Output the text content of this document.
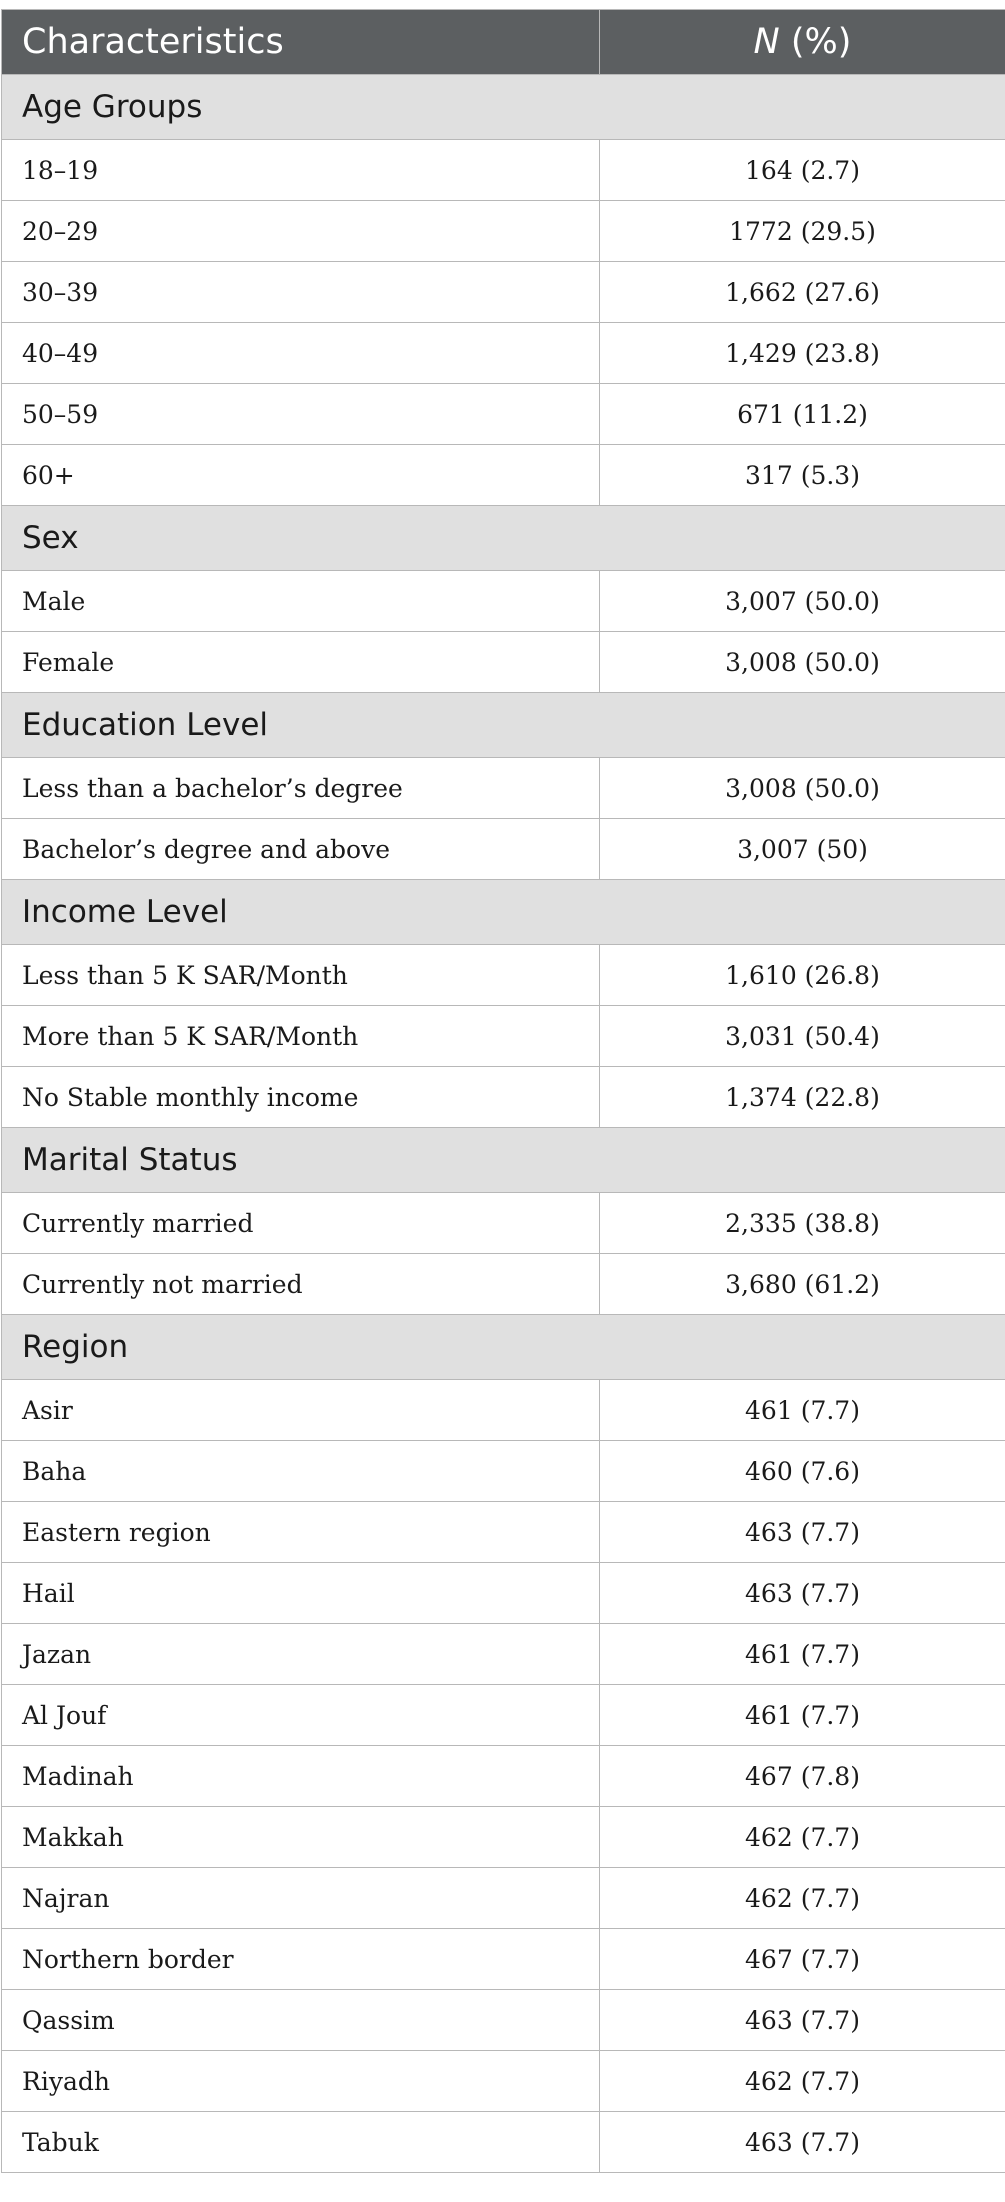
Characteristics	N (%)
Age Groups	
18–19	164 (2.7)
20–29	1772 (29.5)
30–39	1,662 (27.6)
40–49	1,429 (23.8)
50–59	671 (11.2)
60+	317 (5.3)
Sex	
Male	3,007 (50.0)
Female	3,008 (50.0)
Education Level	
Less than a bachelor’s degree	3,008 (50.0)
Bachelor’s degree and above	3,007 (50)
Income Level	
Less than 5 K SAR/Month	1,610 (26.8)
More than 5 K SAR/Month	3,031 (50.4)
No Stable monthly income	1,374 (22.8)
Marital Status	
Currently married	2,335 (38.8)
Currently not married	3,680 (61.2)
Region	
Asir	461 (7.7)
Baha	460 (7.6)
Eastern region	463 (7.7)
Hail	463 (7.7)
Jazan	461 (7.7)
Al Jouf	461 (7.7)
Madinah	467 (7.8)
Makkah	462 (7.7)
Najran	462 (7.7)
Northern border	467 (7.7)
Qassim	463 (7.7)
Riyadh	462 (7.7)
Tabuk	463 (7.7)
